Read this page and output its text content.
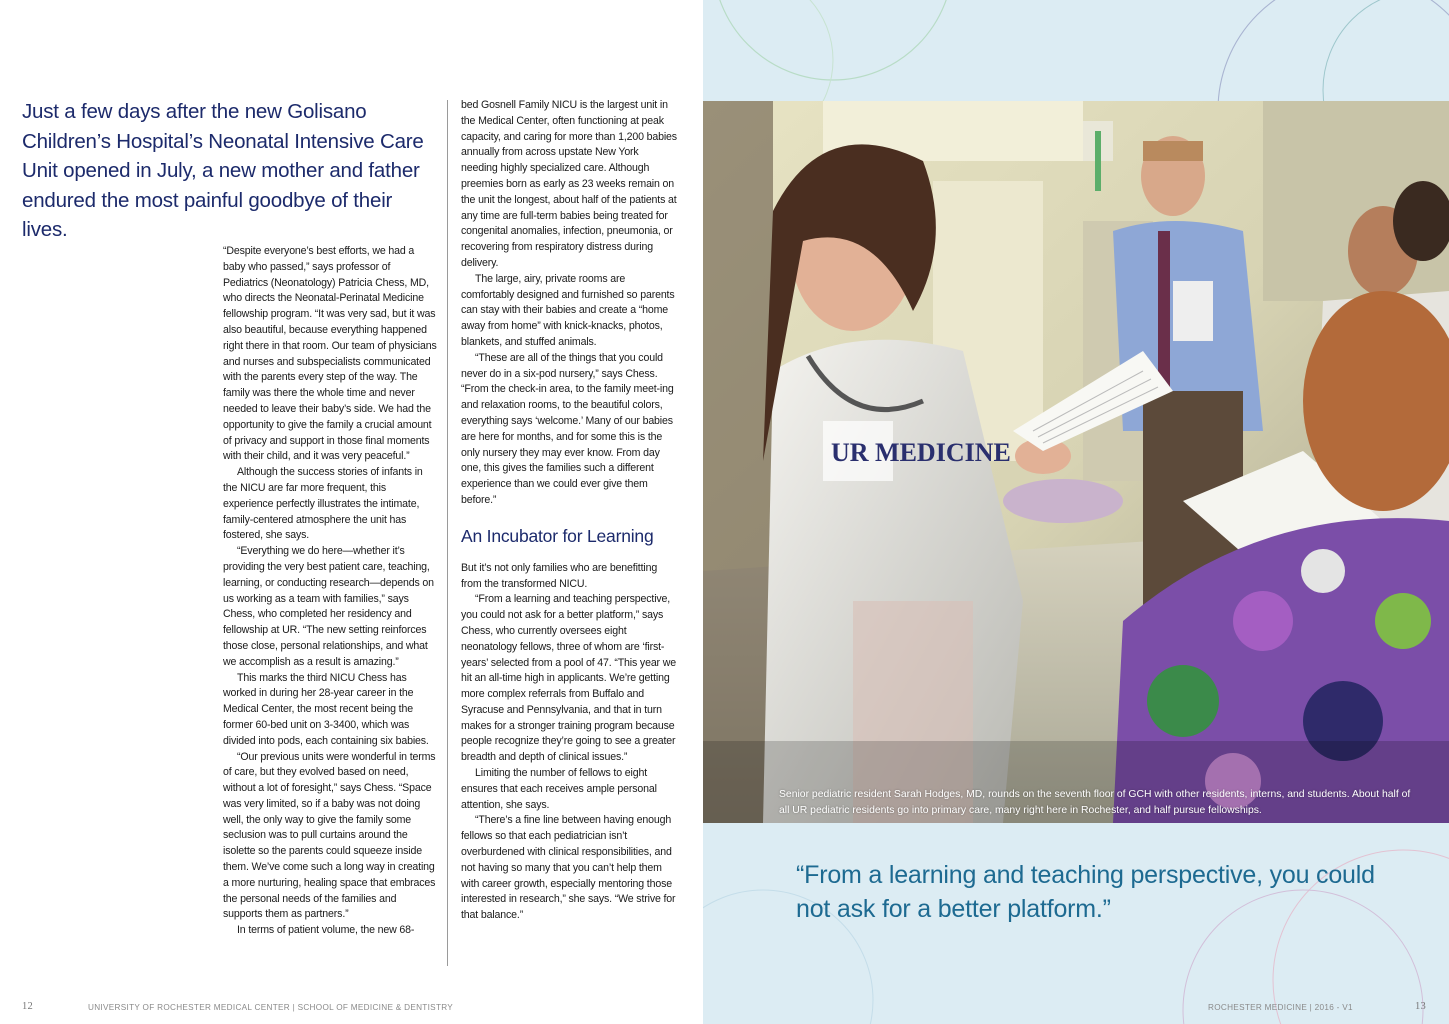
Just a few days after the new Golisano Children’s Hospital’s Neonatal Intensive Care Unit opened in July, a new mother and father endured the most painful goodbye of their lives.

“Despite everyone’s best efforts, we had a baby who passed,” says professor of Pediatrics (Neonatology) Patricia Chess, MD, who directs the Neonatal-Perinatal Medicine fellowship program. “It was very sad, but it was also beautiful, because everything happened right there in that room. Our team of physicians and nurses and subspecialists communicated with the parents every step of the way. The family was there the whole time and never needed to leave their baby’s side. We had the opportunity to give the family a crucial amount of privacy and support in those final moments with their child, and it was very peaceful.”

Although the success stories of infants in the NICU are far more frequent, this experience perfectly illustrates the intimate, family-centered atmosphere the unit has fostered, she says.

“Everything we do here—whether it’s providing the very best patient care, teaching, learning, or conducting research—depends on us working as a team with families,” says Chess, who completed her residency and fellowship at UR. “The new setting reinforces those close, personal relationships, and what we accomplish as a result is amazing.”

This marks the third NICU Chess has worked in during her 28-year career in the Medical Center, the most recent being the former 60-bed unit on 3-3400, which was divided into pods, each containing six babies.

“Our previous units were wonderful in terms of care, but they evolved based on need, without a lot of foresight,” says Chess. “Space was very limited, so if a baby was not doing well, the only way to give the family some seclusion was to pull curtains around the isolette so the parents could squeeze inside them. We’ve come such a long way in creating a more nurturing, healing space that embraces the personal needs of the families and supports them as partners.”

In terms of patient volume, the new 68-

bed Gosnell Family NICU is the largest unit in the Medical Center, often functioning at peak capacity, and caring for more than 1,200 babies annually from across upstate New York needing highly specialized care. Although preemies born as early as 23 weeks remain on the unit the longest, about half of the patients at any time are full-term babies being treated for congenital anomalies, infection, pneumonia, or recovering from respiratory distress during delivery.

The large, airy, private rooms are comfortably designed and furnished so parents can stay with their babies and create a “home away from home” with knick-knacks, photos, blankets, and stuffed animals.

“These are all of the things that you could never do in a six-pod nursery,” says Chess. “From the check-in area, to the family meet-ing and relaxation rooms, to the beautiful colors, everything says ‘welcome.’ Many of our babies are here for months, and for some this is the only nursery they may ever know. From day one, this gives the families such a different experience than we could ever give them before.”

An Incubator for Learning

But it’s not only families who are benefitting from the transformed NICU.

“From a learning and teaching perspective, you could not ask for a better platform,” says Chess, who currently oversees eight neonatology fellows, three of whom are ‘first-years’ selected from a pool of 47. “This year we hit an all-time high in applicants. We’re getting more complex referrals from Buffalo and Syracuse and Pennsylvania, and that in turn makes for a stronger training program because people recognize they’re going to see a greater breadth and depth of clinical issues.”

Limiting the number of fellows to eight ensures that each receives ample personal attention, she says.

“There’s a fine line between having enough fellows so that each pediatrician isn’t overburdened with clinical responsibilities, and not having so many that you can’t help them with career growth, especially mentoring those interested in research,” she says. “We strive for that balance.”

12	UNIVERSITY OF ROCHESTER MEDICAL CENTER | SCHOOL OF MEDICINE & DENTISTRY
UR MEDICINE

Senior pediatric resident Sarah Hodges, MD, rounds on the seventh floor of GCH with other residents, interns, and students. About half of all UR pediatric residents go into primary care, many right here in Rochester, and half pursue fellowships.

“From a learning and teaching perspective, you could not ask for a better platform.”

ROCHESTER MEDICINE | 2016 - V1	13
